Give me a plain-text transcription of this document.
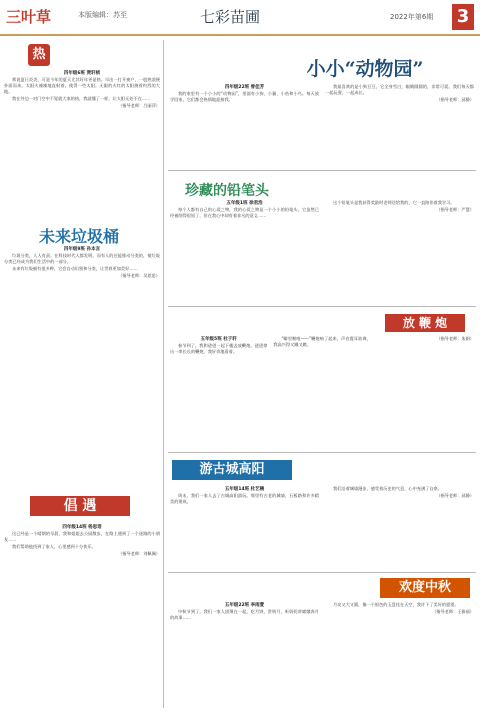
三叶草	本版编辑：苏至	七彩苗圃	2022年第6期 3
热
四年级6班 贾轩桢

那说夏日炎炎，可是今年的夏天尤其好年更显热。早出一打开窗户，一股热浪便扑面而来，太阳火辣辣地直射着，使得一些太阳。无限的火红的太阳烧着灼烈的大地。

我在外边一对门空中不觉就大家的热，我就懂了一样，让太阳无处不在……

（指导老师：吕丽萍）
未来垃圾桶
四年级9班 孙本言

垃圾分类，人人有责。在科技时代人都发明，而有人的还能推动分类的，使垃圾分类已经成为我们生活中的一部分。

未来有垃圾桶有很多种，它会自动识别和分类，让世界更加美好……

（指导老师：吴思思）
倡 遇
四年级14班 杨思语

这已经是一个晴朗的早晨，我和姐姐去公园散步，在路上遇到了一个迷路的小朋友……

我们帮助他找到了家人，心里感到十分快乐。

（指导老师：刘佩佩）
小小“动物园”
四年级22班 曾佳芳

我的家里有一个小小的“动物园”，里面有小狗、小猫、小鱼和小鸟。每天放学回家，它们都会热情地迎接我。

我最喜欢的是小狗豆豆，它全身雪白，眼睛圆圆的，非常可爱。我们每天都一起玩耍，一起成长。

（指导老师：邱静）
珍藏的铅笔头
五年级1班 徐君浩

每个人都有自己的心爱之物，我的心爱之物是一个小小的铅笔头。它虽然已经被削得很短了，但在我心中却有着非凡的意义……

这个铅笔头是我获得奖励时老师送给我的，它一直陪伴着我学习。

（指导老师：严慧）
放 鞭 炮
五年级5班 杜子轩

春节到了，我和爸爸一起下楼去放鞭炮。爸爸拿出一串长长的鞭炮，我好奇地看着。

“噼里啪啦——”鞭炮响了起来，声音震耳欲聋，我高兴得又蹦又跳。

（指导老师：朱娟）
游古城高阳
五年级14班 杜艺楠

周末，我们一家人去了古城高阳游玩。那里有古老的城墙、石板路和许多精美的建筑。

我们沿着城墙漫步，感受着历史的气息，心中充满了自豪。

（指导老师：邱静）
欢度中秋
五年级22班 李雨萱

中秋节到了，我们一家人团聚在一起，吃月饼，赏明月，听奶奶讲嫦娥奔月的故事……

月亮又大又圆，像一个银色的玉盘挂在天空，我许下了美好的愿望。

（指导老师：王雅丽）
